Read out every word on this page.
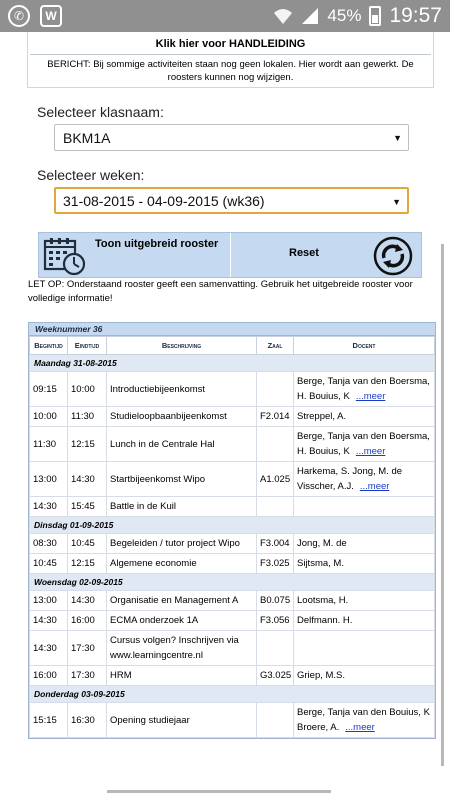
✆	W	45% 19:57
Klik hier voor HANDLEIDING
BERICHT: Bij sommige activiteiten staan nog geen lokalen. Hier wordt aan gewerkt. De roosters kunnen nog wijzigen.
Selecteer klasnaam:
BKM1A	▼
Selecteer weken:
31-08-2015 - 04-09-2015 (wk36)	▼
Toon uitgebreid rooster
Reset
LET OP: Onderstaand rooster geeft een samenvatting. Gebruik het uitgebreide rooster voor volledige informatie!
Weeknummer 36
Begintijd	Eindtijd	Beschrijving	Zaal	Docent
Maandag 31-08-2015				
09:15	10:00	Introductiebijeenkomst		Berge, Tanja van den Boersma,
H. Bouius, K ...meer

10:00	11:30	Studieloopbaanbijeenkomst	F2.014	Streppel, A.

11:30	12:15	Lunch in de Centrale Hal		Berge, Tanja van den Boersma,
H. Bouius, K ...meer

13:00	14:30	Startbijeenkomst Wipo	A1.025	Harkema, S. Jong, M. de
Visscher, A.J. ...meer

14:30	15:45	Battle in de Kuil		

Dinsdag 01-09-2015				
08:30	10:45	Begeleiden / tutor project Wipo	F3.004	Jong, M. de

10:45	12:15	Algemene economie	F3.025	Sijtsma, M.

Woensdag 02-09-2015				
13:00	14:30	Organisatie en Management A	B0.075	Lootsma, H.

14:30	16:00	ECMA onderzoek 1A	F3.056	Delfmann. H.

14:30	17:30	Cursus volgen? Inschrijven via
www.learningcentre.nl		

16:00	17:30	HRM	G3.025	Griep, M.S.

Donderdag 03-09-2015				
15:15	16:30	Opening studiejaar		Berge, Tanja van den Bouius, K
Broere, A. ...meer
